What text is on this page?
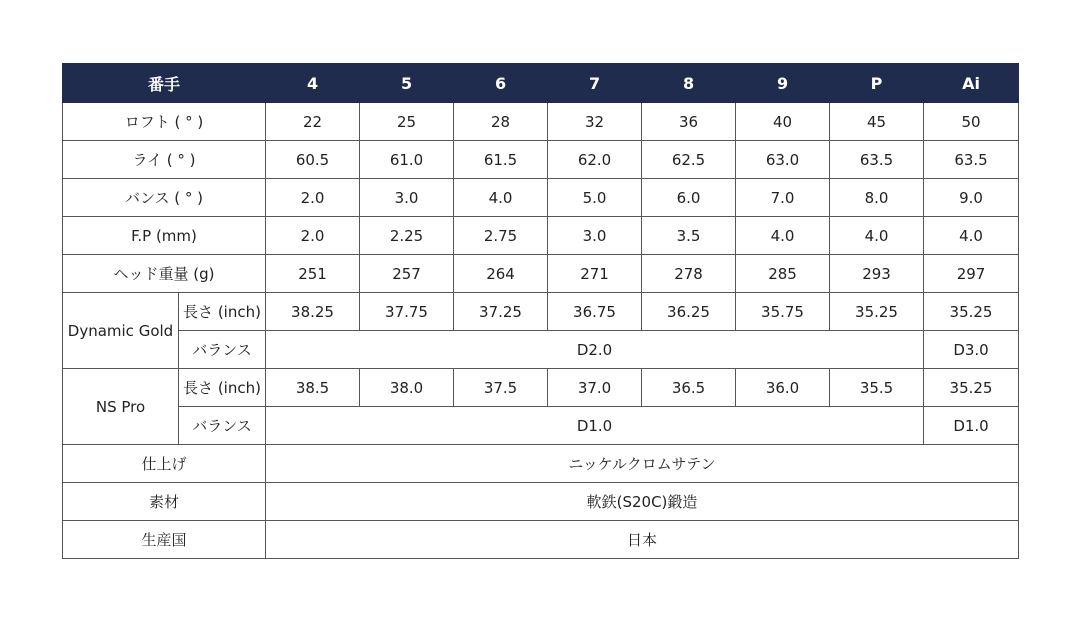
番手		4	5	6	7	8	9	P	Ai
ロフト ( ° )		22	25	28	32	36	40	45	50
ライ ( ° )		60.5	61.0	61.5	62.0	62.5	63.0	63.5	63.5
バンス ( ° )		2.0	3.0	4.0	5.0	6.0	7.0	8.0	9.0
F.P (mm)		2.0	2.25	2.75	3.0	3.5	4.0	4.0	4.0
ヘッド重量 (g)		251	257	264	271	278	285	293	297
Dynamic Gold	長さ (inch)	38.25	37.75	37.25	36.75	36.25	35.75	35.25	35.25
	バランス	D2.0							D3.0
NS Pro	長さ (inch)	38.5	38.0	37.5	37.0	36.5	36.0	35.5	35.25
	バランス	D1.0							D1.0
仕上げ		ニッケルクロムサテン							
素材		軟鉄(S20C)鍛造							
生産国		日本							
